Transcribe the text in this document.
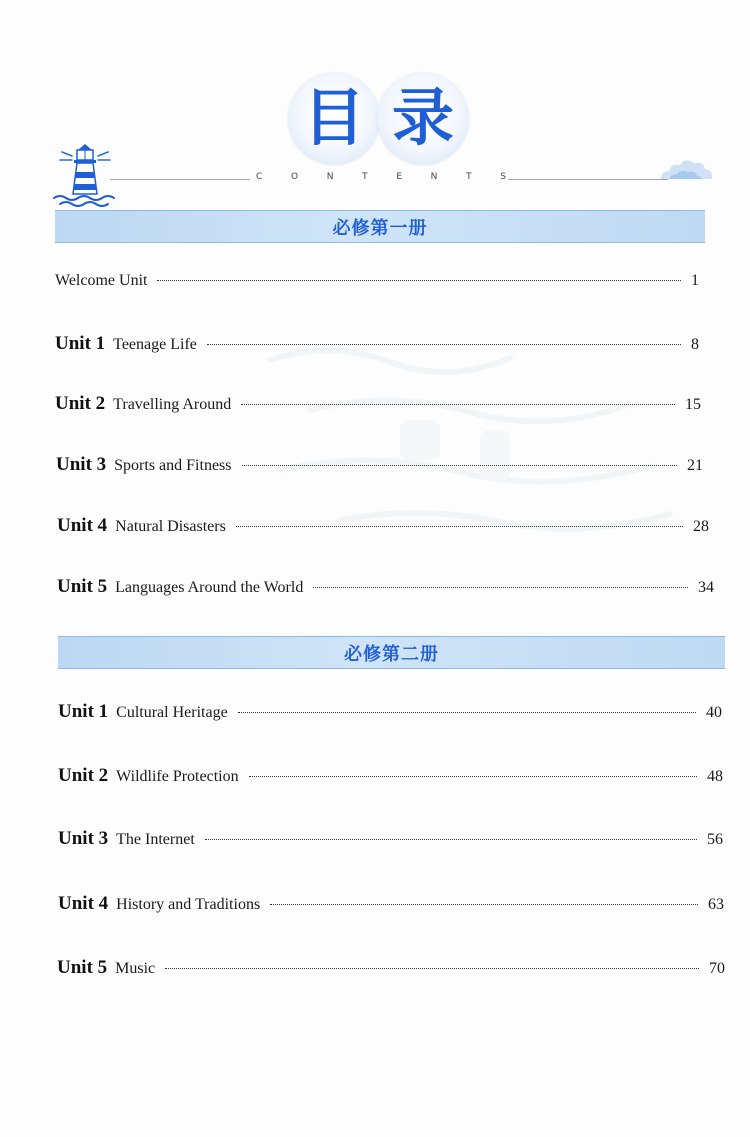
目 录
C	O	N	T	E	N	T	S
必修第一册
Welcome Unit	1
Unit 1 Teenage Life	8
Unit 2 Travelling Around	15
Unit 3 Sports and Fitness	21
Unit 4 Natural Disasters	28
Unit 5 Languages Around the World	34
必修第二册
Unit 1 Cultural Heritage	40
Unit 2 Wildlife Protection	48
Unit 3 The Internet	56
Unit 4 History and Traditions	63
Unit 5 Music	70
